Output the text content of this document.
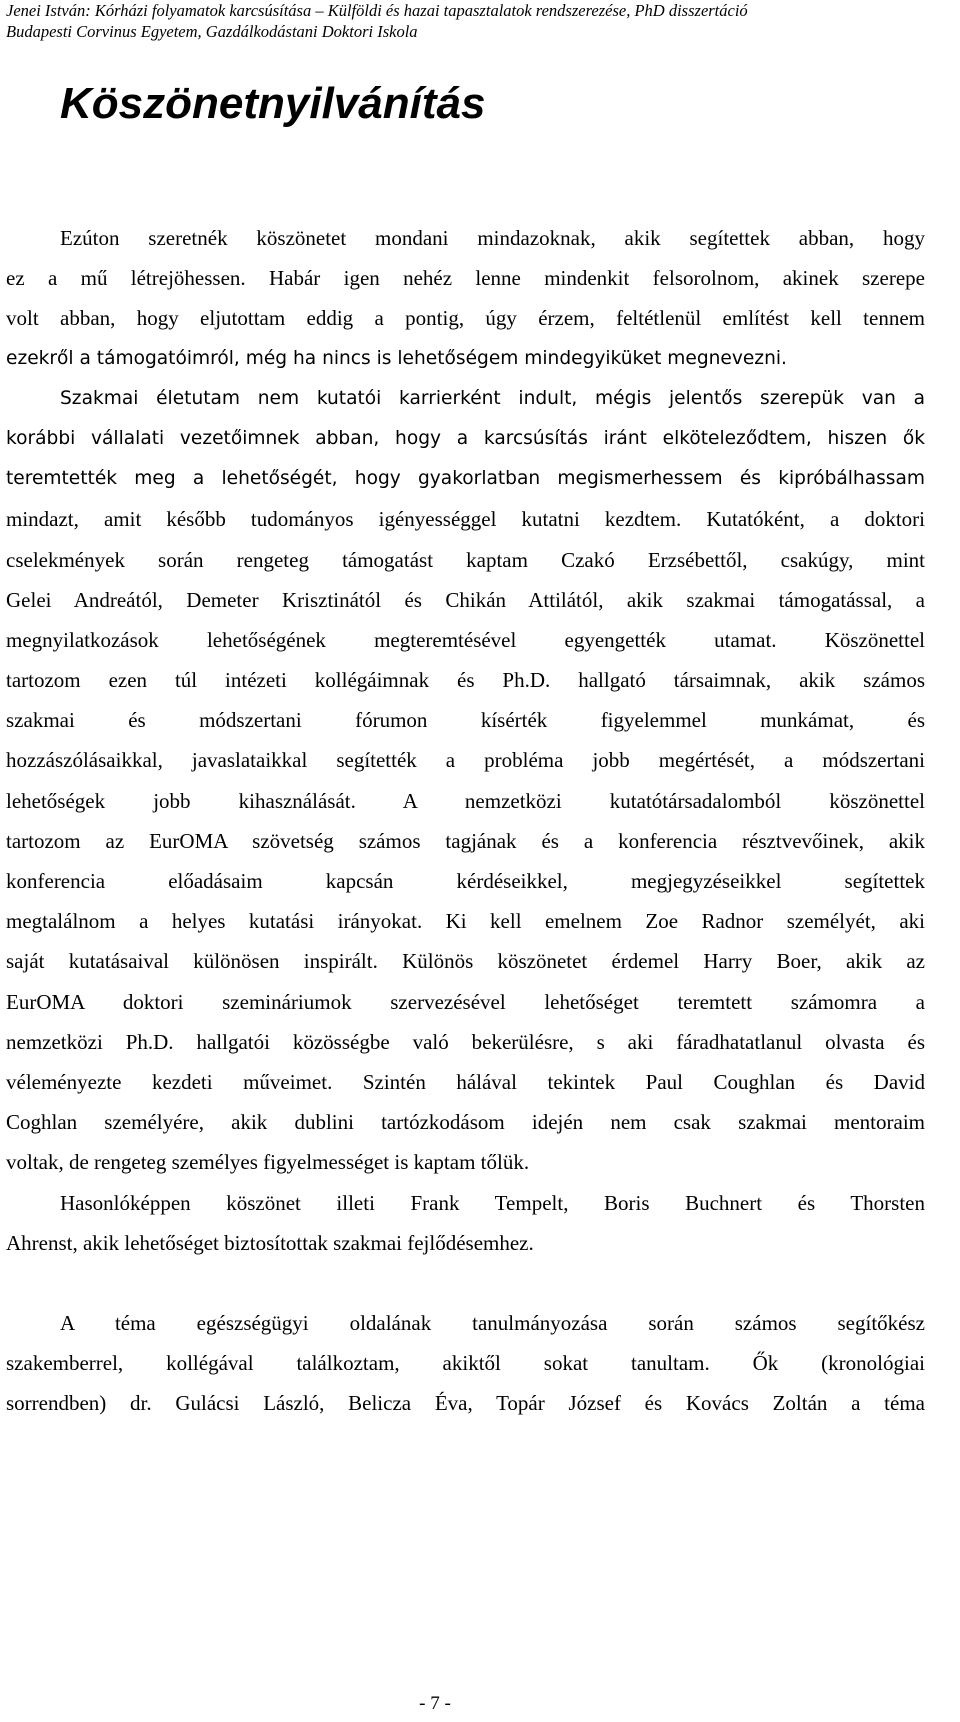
Jenei István: Kórházi folyamatok karcsúsítása – Külföldi és hazai tapasztalatok rendszerezése, PhD disszertáció
Budapesti Corvinus Egyetem, Gazdálkodástani Doktori Iskola
Köszönetnyilvánítás
Ezúton szeretnék köszönetet mondani mindazoknak, akik segítettek abban, hogy
ez a mű létrejöhessen. Habár igen nehéz lenne mindenkit felsorolnom, akinek szerepe
volt abban, hogy eljutottam eddig a pontig, úgy érzem, feltétlenül említést kell tennem
ezekről a támogatóimról, még ha nincs is lehetőségem mindegyiküket megnevezni.
Szakmai életutam nem kutatói karrierként indult, mégis jelentős szerepük van a
korábbi vállalati vezetőimnek abban, hogy a karcsúsítás iránt elköteleződtem, hiszen ők
teremtették meg a lehetőségét, hogy gyakorlatban megismerhessem és kipróbálhassam
mindazt, amit később tudományos igényességgel kutatni kezdtem. Kutatóként, a doktori
cselekmények során rengeteg támogatást kaptam Czakó Erzsébettől, csakúgy, mint
Gelei Andreától, Demeter Krisztinától és Chikán Attilától, akik szakmai támogatással, a
megnyilatkozások lehetőségének megteremtésével egyengették utamat. Köszönettel
tartozom ezen túl intézeti kollégáimnak és Ph.D. hallgató társaimnak, akik számos
szakmai és módszertani fórumon kísérték figyelemmel munkámat, és
hozzászólásaikkal, javaslataikkal segítették a probléma jobb megértését, a módszertani
lehetőségek jobb kihasználását. A nemzetközi kutatótársadalomból köszönettel
tartozom az EurOMA szövetség számos tagjának és a konferencia résztvevőinek, akik
konferencia előadásaim kapcsán kérdéseikkel, megjegyzéseikkel segítettek
megtalálnom a helyes kutatási irányokat. Ki kell emelnem Zoe Radnor személyét, aki
saját kutatásaival különösen inspirált. Különös köszönetet érdemel Harry Boer, akik az
EurOMA doktori szemináriumok szervezésével lehetőséget teremtett számomra a
nemzetközi Ph.D. hallgatói közösségbe való bekerülésre, s aki fáradhatatlanul olvasta és
véleményezte kezdeti műveimet. Szintén hálával tekintek Paul Coughlan és David
Coghlan személyére, akik dublini tartózkodásom idején nem csak szakmai mentoraim
voltak, de rengeteg személyes figyelmességet is kaptam tőlük.
Hasonlóképpen köszönet illeti Frank Tempelt, Boris Buchnert és Thorsten
Ahrenst, akik lehetőséget biztosítottak szakmai fejlődésemhez.
A téma egészségügyi oldalának tanulmányozása során számos segítőkész
szakemberrel, kollégával találkoztam, akiktől sokat tanultam. Ők (kronológiai
sorrendben) dr. Gulácsi László, Belicza Éva, Topár József és Kovács Zoltán a téma
- 7 -
